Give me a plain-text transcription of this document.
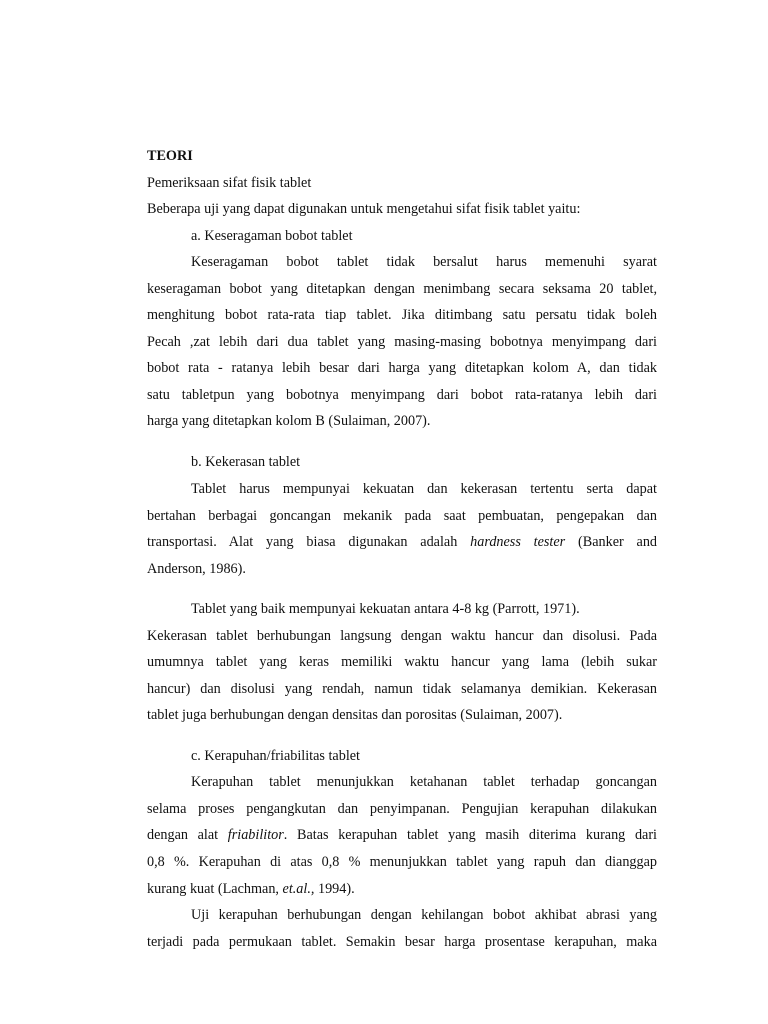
TEORI
Pemeriksaan sifat fisik tablet
Beberapa uji yang dapat digunakan untuk mengetahui sifat fisik tablet yaitu:
a. Keseragaman bobot tablet
Keseragaman bobot tablet tidak bersalut harus memenuhi syarat
keseragaman bobot yang ditetapkan dengan menimbang secara seksama 20 tablet,
menghitung bobot rata-rata tiap tablet. Jika ditimbang satu persatu tidak boleh
Pecah ,zat lebih dari dua tablet yang masing-masing bobotnya menyimpang dari
bobot rata - ratanya lebih besar dari harga yang ditetapkan kolom A, dan tidak
satu tabletpun yang bobotnya menyimpang dari bobot rata-ratanya lebih dari
harga yang ditetapkan kolom B (Sulaiman, 2007).
b. Kekerasan tablet
Tablet harus mempunyai kekuatan dan kekerasan tertentu serta dapat
bertahan berbagai goncangan mekanik pada saat pembuatan, pengepakan dan
transportasi. Alat yang biasa digunakan adalah hardness tester (Banker and
Anderson, 1986).
Tablet yang baik mempunyai kekuatan antara 4-8 kg (Parrott, 1971).
Kekerasan tablet berhubungan langsung dengan waktu hancur dan disolusi. Pada
umumnya tablet yang keras memiliki waktu hancur yang lama (lebih sukar
hancur) dan disolusi yang rendah, namun tidak selamanya demikian. Kekerasan
tablet juga berhubungan dengan densitas dan porositas (Sulaiman, 2007).
c. Kerapuhan/friabilitas tablet
Kerapuhan tablet menunjukkan ketahanan tablet terhadap goncangan
selama proses pengangkutan dan penyimpanan. Pengujian kerapuhan dilakukan
dengan alat friabilitor. Batas kerapuhan tablet yang masih diterima kurang dari
0,8 %. Kerapuhan di atas 0,8 % menunjukkan tablet yang rapuh dan dianggap
kurang kuat (Lachman, et.al., 1994).
Uji kerapuhan berhubungan dengan kehilangan bobot akhibat abrasi yang
terjadi pada permukaan tablet. Semakin besar harga prosentase kerapuhan, maka
